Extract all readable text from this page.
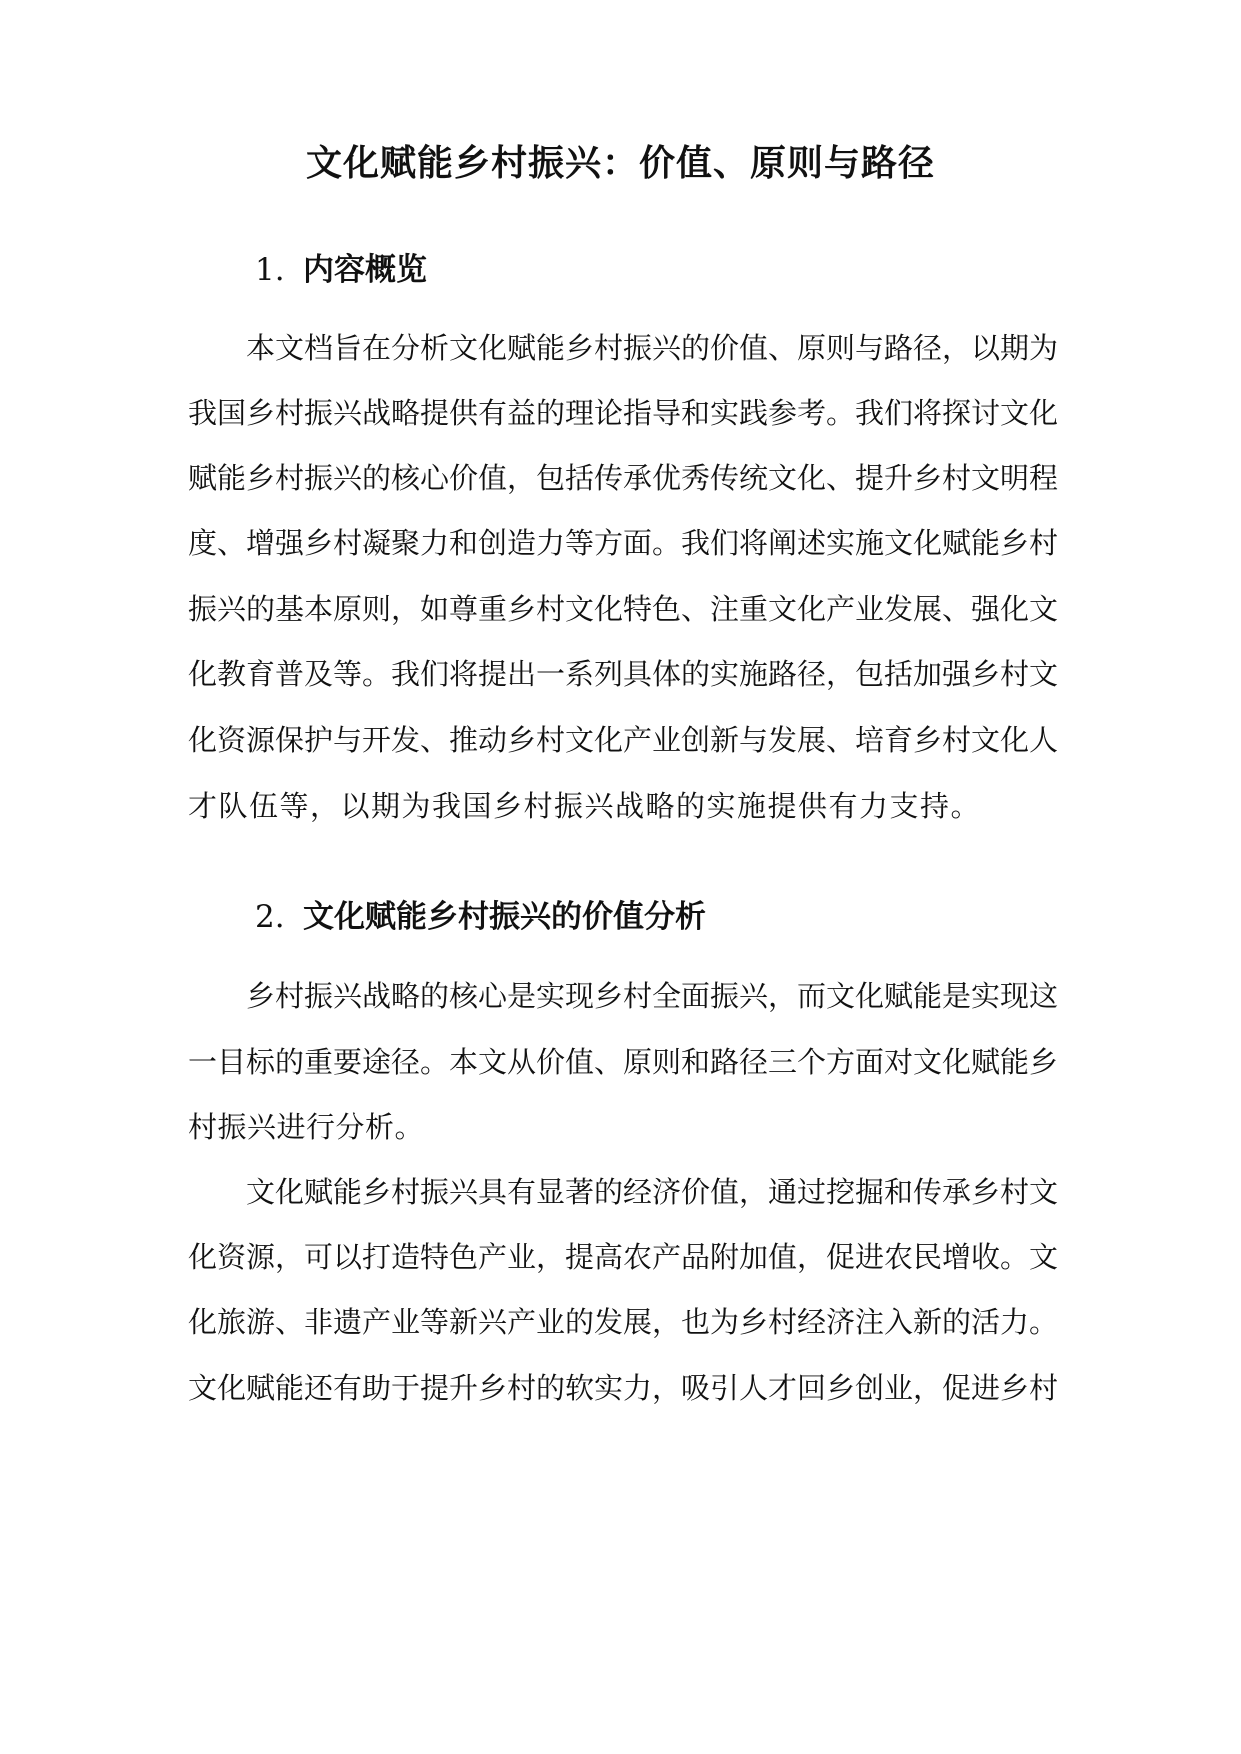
文化赋能乡村振兴：价值、原则与路径
1. 内容概览
本文档旨在分析文化赋能乡村振兴的价值、原则与路径，以期为
我国乡村振兴战略提供有益的理论指导和实践参考。我们将探讨文化
赋能乡村振兴的核心价值，包括传承优秀传统文化、提升乡村文明程
度、增强乡村凝聚力和创造力等方面。我们将阐述实施文化赋能乡村
振兴的基本原则，如尊重乡村文化特色、注重文化产业发展、强化文
化教育普及等。我们将提出一系列具体的实施路径，包括加强乡村文
化资源保护与开发、推动乡村文化产业创新与发展、培育乡村文化人
才队伍等，以期为我国乡村振兴战略的实施提供有力支持。
2. 文化赋能乡村振兴的价值分析
乡村振兴战略的核心是实现乡村全面振兴，而文化赋能是实现这
一目标的重要途径。本文从价值、原则和路径三个方面对文化赋能乡
村振兴进行分析。
文化赋能乡村振兴具有显著的经济价值，通过挖掘和传承乡村文
化资源，可以打造特色产业，提高农产品附加值，促进农民增收。文
化旅游、非遗产业等新兴产业的发展，也为乡村经济注入新的活力。
文化赋能还有助于提升乡村的软实力，吸引人才回乡创业，促进乡村
